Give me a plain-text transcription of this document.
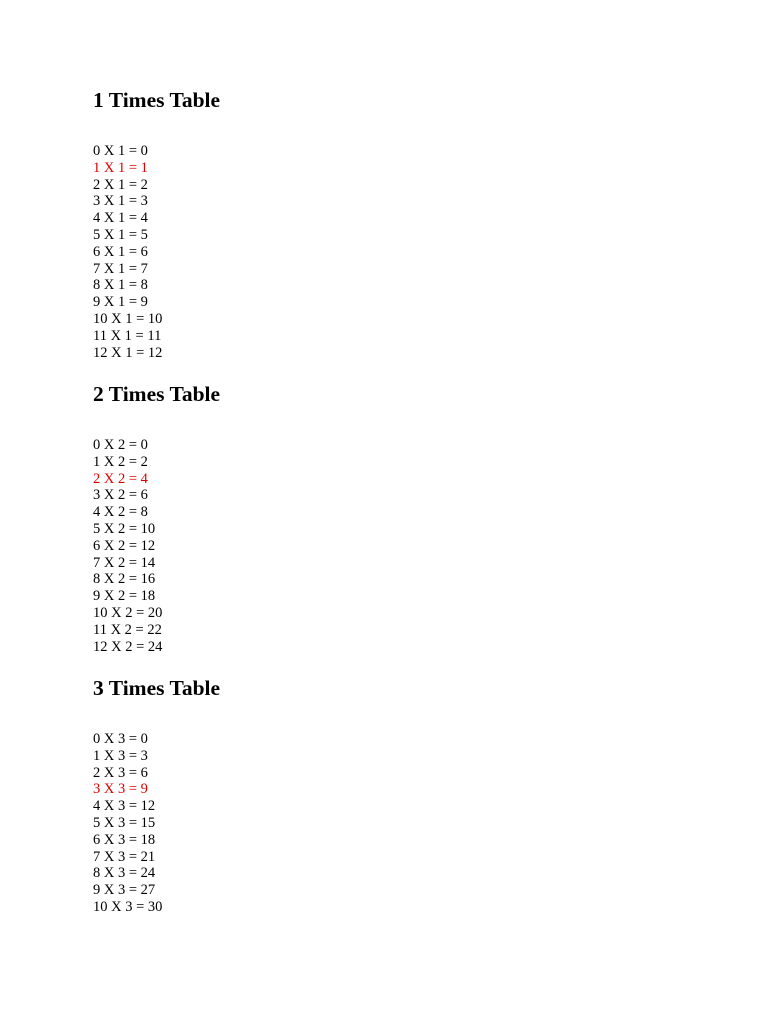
1 Times Table
0 X 1 = 0
1 X 1 = 1
2 X 1 = 2
3 X 1 = 3
4 X 1 = 4
5 X 1 = 5
6 X 1 = 6
7 X 1 = 7
8 X 1 = 8
9 X 1 = 9
10 X 1 = 10
11 X 1 = 11
12 X 1 = 12
2 Times Table
0 X 2 = 0
1 X 2 = 2
2 X 2 = 4
3 X 2 = 6
4 X 2 = 8
5 X 2 = 10
6 X 2 = 12
7 X 2 = 14
8 X 2 = 16
9 X 2 = 18
10 X 2 = 20
11 X 2 = 22
12 X 2 = 24
3 Times Table
0 X 3 = 0
1 X 3 = 3
2 X 3 = 6
3 X 3 = 9
4 X 3 = 12
5 X 3 = 15
6 X 3 = 18
7 X 3 = 21
8 X 3 = 24
9 X 3 = 27
10 X 3 = 30
